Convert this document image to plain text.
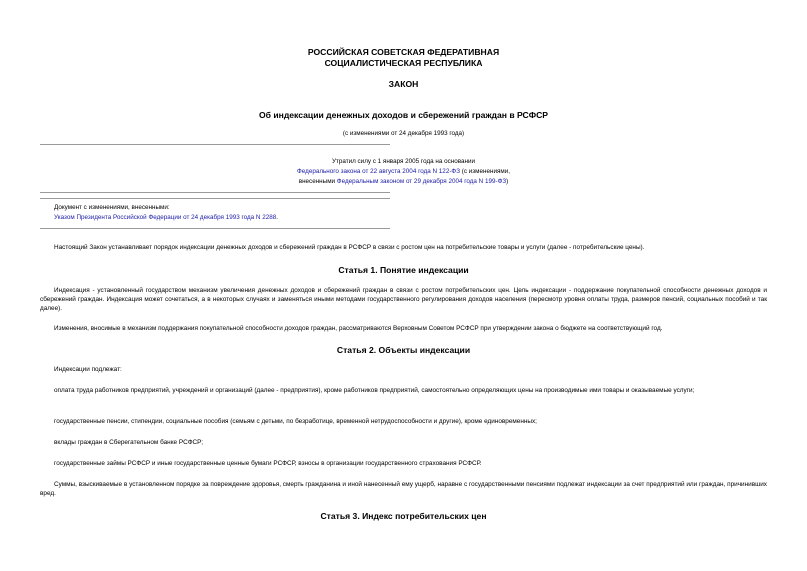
РОССИЙСКАЯ СОВЕТСКАЯ ФЕДЕРАТИВНАЯ
СОЦИАЛИСТИЧЕСКАЯ РЕСПУБЛИКА
ЗАКОН
Об индексации денежных доходов и сбережений граждан в РСФСР
(с изменениями от 24 декабря 1993 года)
Утратил силу с 1 января 2005 года на основании
Федерального закона от 22 августа 2004 года N 122-ФЗ (с изменениями,
внесенными Федеральным законом от 29 декабря 2004 года N 199-ФЗ)
Документ с изменениями, внесенными:
Указом Президента Российской Федерации от 24 декабря 1993 года N 2288.
Настоящий Закон устанавливает порядок индексации денежных доходов и сбережений граждан в РСФСР в связи с ростом цен на потребительские товары и услуги (далее - потребительские цены).
Статья 1. Понятие индексации
Индексация - установленный государством механизм увеличения денежных доходов и сбережений граждан в связи с ростом потребительских цен. Цель индексации - поддержание покупательной способности денежных доходов и сбережений граждан. Индексация может сочетаться, а в некоторых случаях и заменяться иными методами государственного регулирования доходов населения (пересмотр уровня оплаты труда, размеров пенсий, социальных пособий и так далее).
Изменения, вносимые в механизм поддержания покупательной способности доходов граждан, рассматриваются Верховным Советом РСФСР при утверждении закона о бюджете на соответствующий год.
Статья 2. Объекты индексации
Индексации подлежат:
оплата труда работников предприятий, учреждений и организаций (далее - предприятия), кроме работников предприятий, самостоятельно определяющих цены на производимые ими товары и оказываемые услуги;
государственные пенсии, стипендии, социальные пособия (семьям с детьми, по безработице, временной нетрудоспособности и другие), кроме единовременных;
вклады граждан в Сберегательном банке РСФСР;
государственные займы РСФСР и иные государственные ценные бумаги РСФСР, взносы в организации государственного страхования РСФСР.
Суммы, взыскиваемые в установленном порядке за повреждение здоровья, смерть гражданина и иной нанесенный ему ущерб, наравне с государственными пенсиями подлежат индексации за счет предприятий или граждан, причинивших вред.
Статья 3. Индекс потребительских цен
